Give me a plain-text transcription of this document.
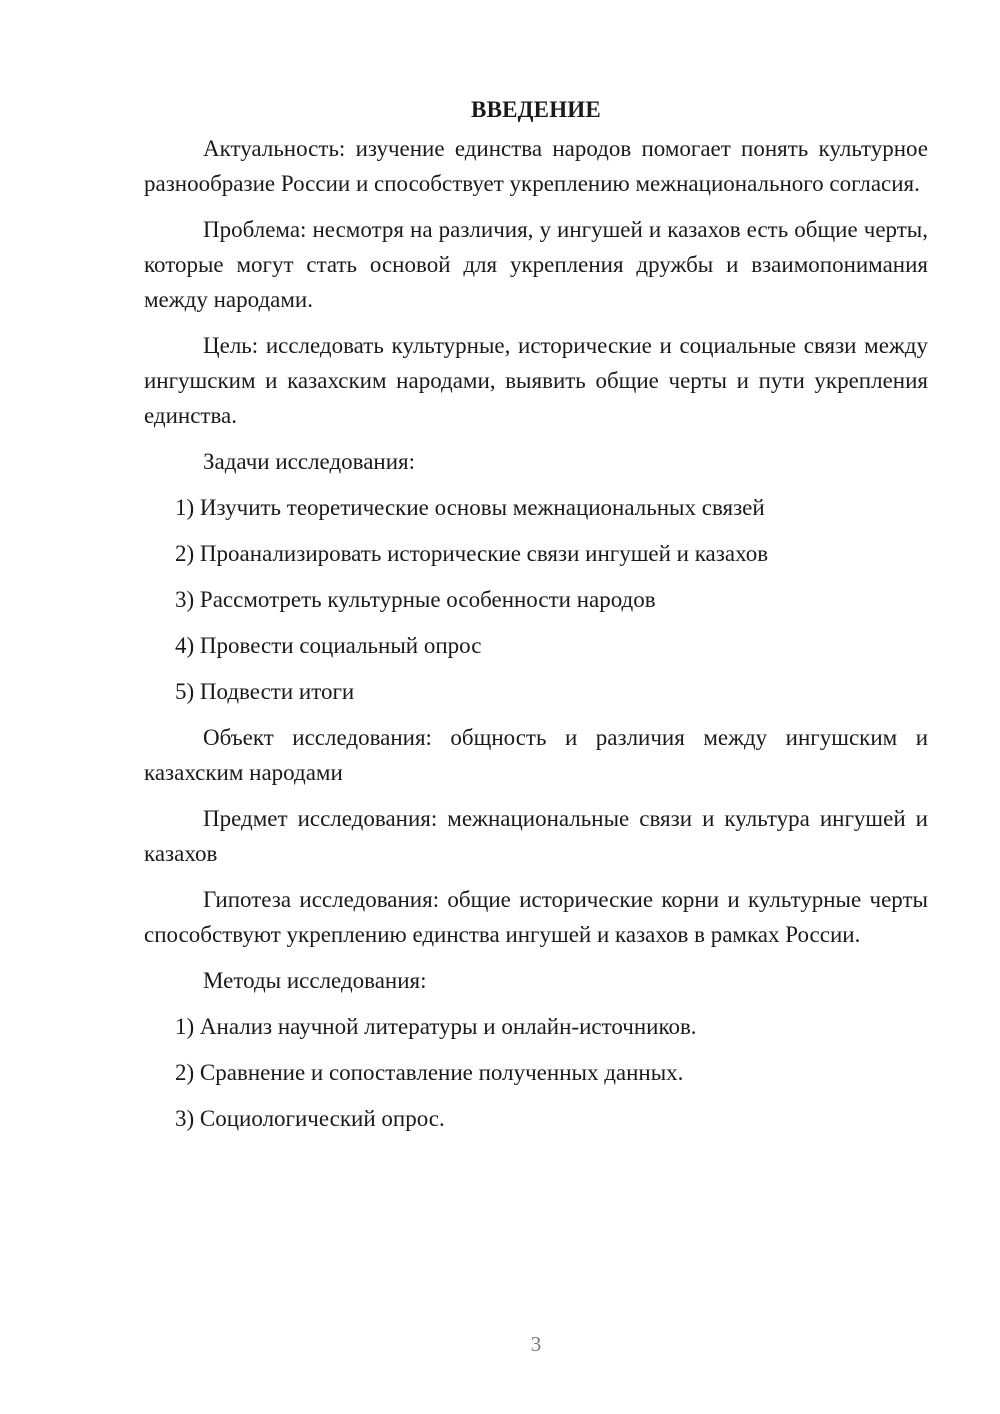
ВВЕДЕНИЕ

Актуальность: изучение единства народов помогает понять культурное разнообразие России и способствует укреплению межнационального согласия.

Проблема: несмотря на различия, у ингушей и казахов есть общие черты, которые могут стать основой для укрепления дружбы и взаимопонимания между народами.

Цель: исследовать культурные, исторические и социальные связи между ингушским и казахским народами, выявить общие черты и пути укрепления единства.

Задачи исследования:
1) Изучить теоретические основы межнациональных связей
2) Проанализировать исторические связи ингушей и казахов
3) Рассмотреть культурные особенности народов
4) Провести социальный опрос
5) Подвести итоги

Объект исследования: общность и различия между ингушским и казахским народами

Предмет исследования: межнациональные связи и культура ингушей и казахов

Гипотеза исследования: общие исторические корни и культурные черты способствуют укреплению единства ингушей и казахов в рамках России.

Методы исследования:
1) Анализ научной литературы и онлайн-источников.
2) Сравнение и сопоставление полученных данных.
3) Социологический опрос.
3
